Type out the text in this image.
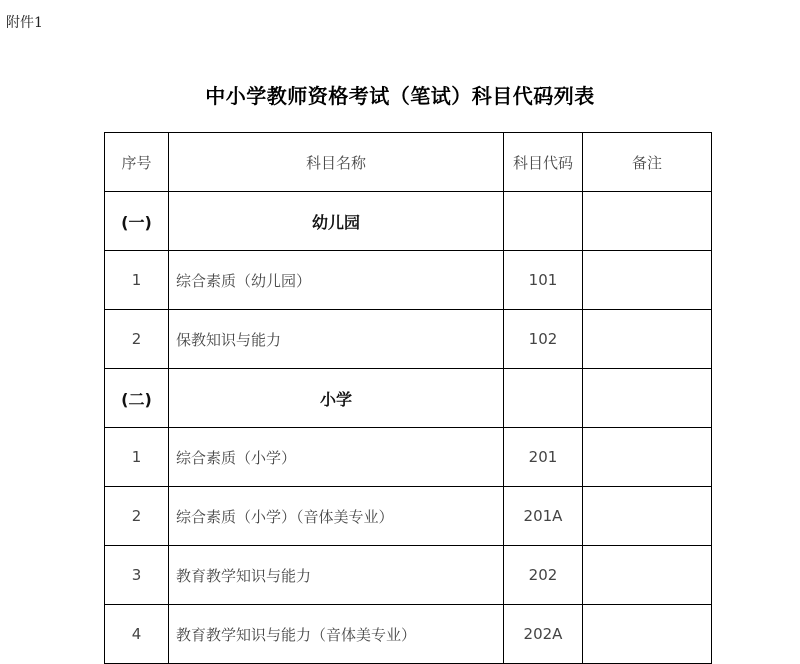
附件1
中小学教师资格考试（笔试）科目代码列表
序号	科目名称	科目代码	备注
(一)	幼儿园		
1	综合素质（幼儿园）	101	
2	保教知识与能力	102	
(二)	小学		
1	综合素质（小学）	201	
2	综合素质（小学）（音体美专业）	201A	
3	教育教学知识与能力	202	
4	教育教学知识与能力（音体美专业）	202A	
